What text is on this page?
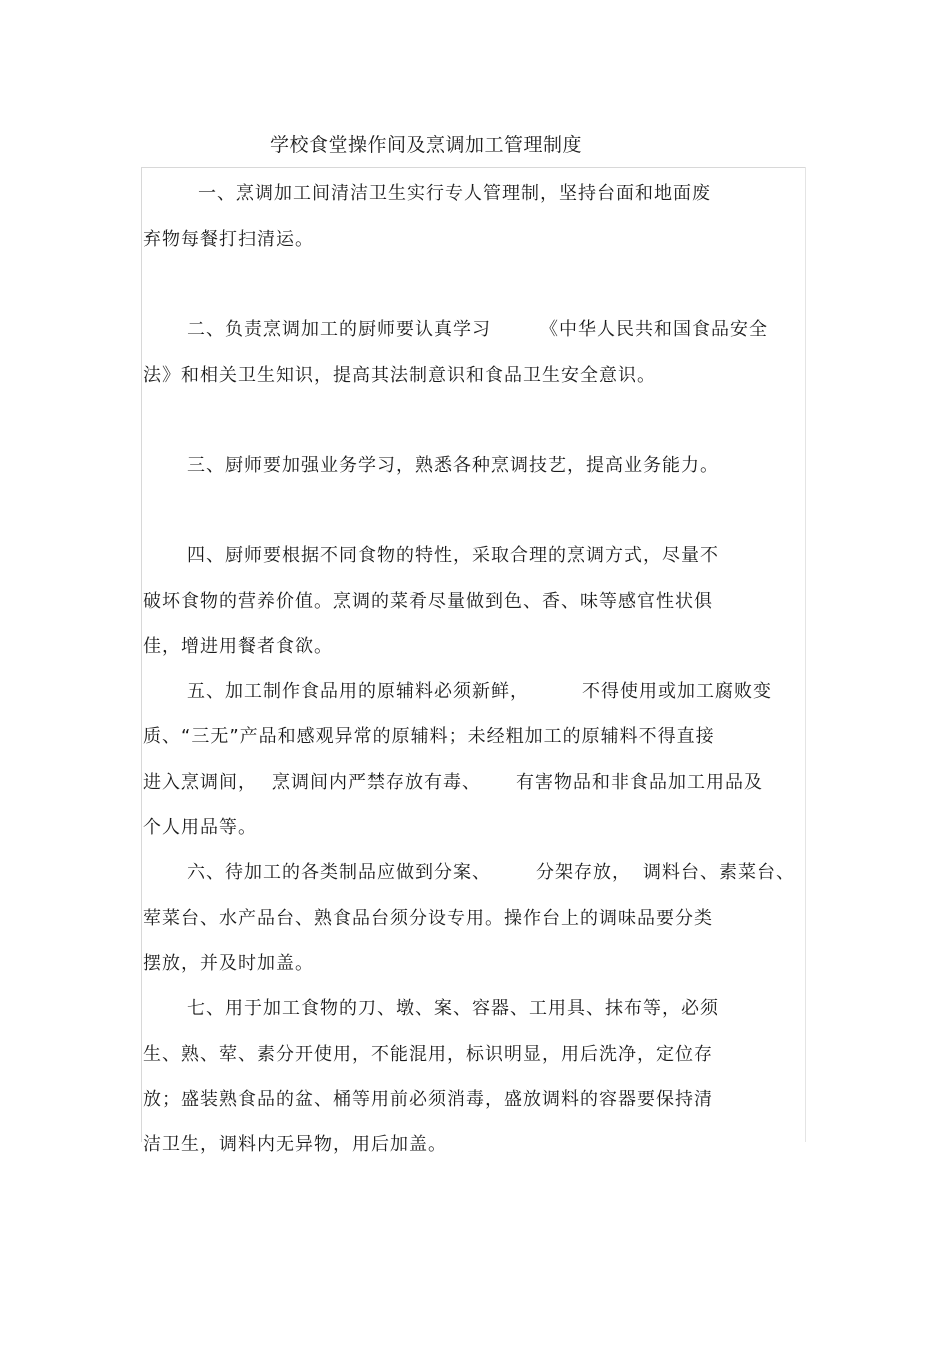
学校食堂操作间及烹调加工管理制度
一、烹调加工间清洁卫生实行专人管理制，坚持台面和地面废
弃物每餐打扫清运。
二、负责烹调加工的厨师要认真学习	《中华人民共和国食品安全
法》和相关卫生知识，提高其法制意识和食品卫生安全意识。
三、厨师要加强业务学习，熟悉各种烹调技艺，提高业务能力。
四、厨师要根据不同食物的特性，采取合理的烹调方式，尽量不
破坏食物的营养价值。烹调的菜肴尽量做到色、香、味等感官性状俱
佳，增进用餐者食欲。
五、加工制作食品用的原辅料必须新鲜，	不得使用或加工腐败变
质、“三无”产品和感观异常的原辅料；未经粗加工的原辅料不得直接
进入烹调间， 烹调间内严禁存放有毒、 有害物品和非食品加工用品及
个人用品等。
六、待加工的各类制品应做到分案、	分架存放， 调料台、素菜台、
荤菜台、水产品台、熟食品台须分设专用。操作台上的调味品要分类
摆放，并及时加盖。
七、用于加工食物的刀、墩、案、容器、工用具、抹布等，必须
生、熟、荤、素分开使用，不能混用，标识明显，用后洗净，定位存
放；盛装熟食品的盆、桶等用前必须消毒，盛放调料的容器要保持清
洁卫生，调料内无异物，用后加盖。
